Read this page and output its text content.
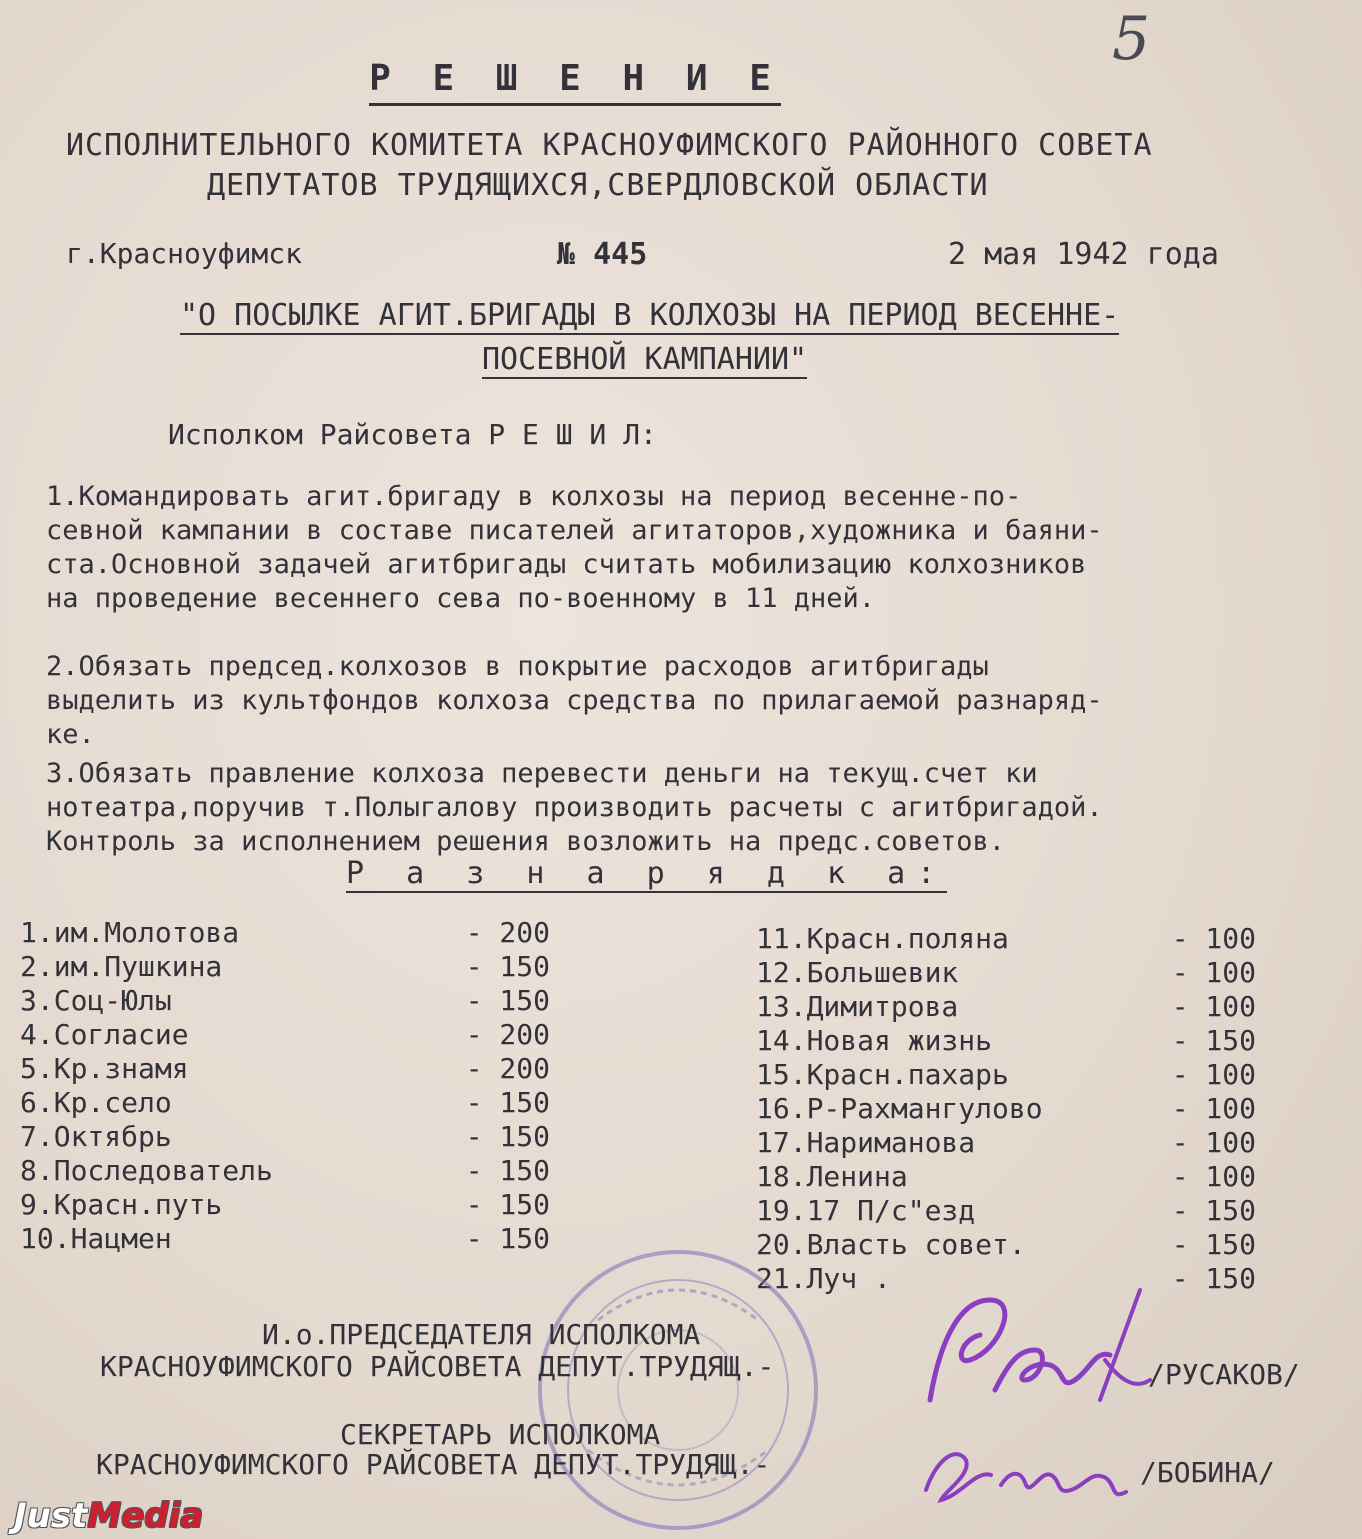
5
Р Е Ш Е Н И Е
ИСПОЛНИТЕЛЬНОГО КОМИТЕТА КРАСНОУФИМСКОГО РАЙОННОГО СОВЕТА
ДЕПУТАТОВ ТРУДЯЩИХСЯ,СВЕРДЛОВСКОЙ ОБЛАСТИ
г.Красноуфимск	№ 445	2 мая 1942 года
"О ПОСЫЛКЕ АГИТ.БРИГАДЫ В КОЛХОЗЫ НА ПЕРИОД ВЕСЕННЕ-
ПОСЕВНОЙ КАМПАНИИ"
Исполком Райсовета Р Е Ш И Л:
1.Командировать агит.бригаду в колхозы на период весенне-по-
севной кампании в составе писателей агитаторов,художника и баяни-
ста.Основной задачей агитбригады считать мобилизацию колхозников
на проведение весеннего сева по-военному в 11 дней.
2.Обязать председ.колхозов в покрытие расходов агитбригады
выделить из культфондов колхоза средства по прилагаемой разнаряд-
ке.
3.Обязать правление колхоза перевести деньги на текущ.счет ки
нотеатра,поручив т.Полыгалову производить расчеты с агитбригадой.
Контроль за исполнением решения возложить на предс.советов.
Р а з н а р я д к а:
1.им.Молотова	- 200
2.им.Пушкина	- 150
3.Соц-Юлы	- 150
4.Согласие	- 200
5.Кр.знамя	- 200
6.Кр.село	- 150
7.Октябрь	- 150
8.Последователь	- 150
9.Красн.путь	- 150
10.Нацмен	- 150
11.Красн.поляна	- 100
12.Большевик	- 100
13.Димитрова	- 100
14.Новая жизнь	- 150
15.Красн.пахарь	- 100
16.Р-Рахмангулово	- 100
17.Нариманова	- 100
18.Ленина	- 100
19.17 П/с"езд	- 150
20.Власть совет.	- 150
21.Луч .	- 150
И.о.ПРЕДСЕДАТЕЛЯ ИСПОЛКОМА
КРАСНОУФИМСКОГО РАЙСОВЕТА ДЕПУТ.ТРУДЯЩ.-	/РУСАКОВ/
СЕКРЕТАРЬ ИСПОЛКОМА
КРАСНОУФИМСКОГО РАЙСОВЕТА ДЕПУТ.ТРУДЯЩ.-	/БОБИНА/
JustMedia
